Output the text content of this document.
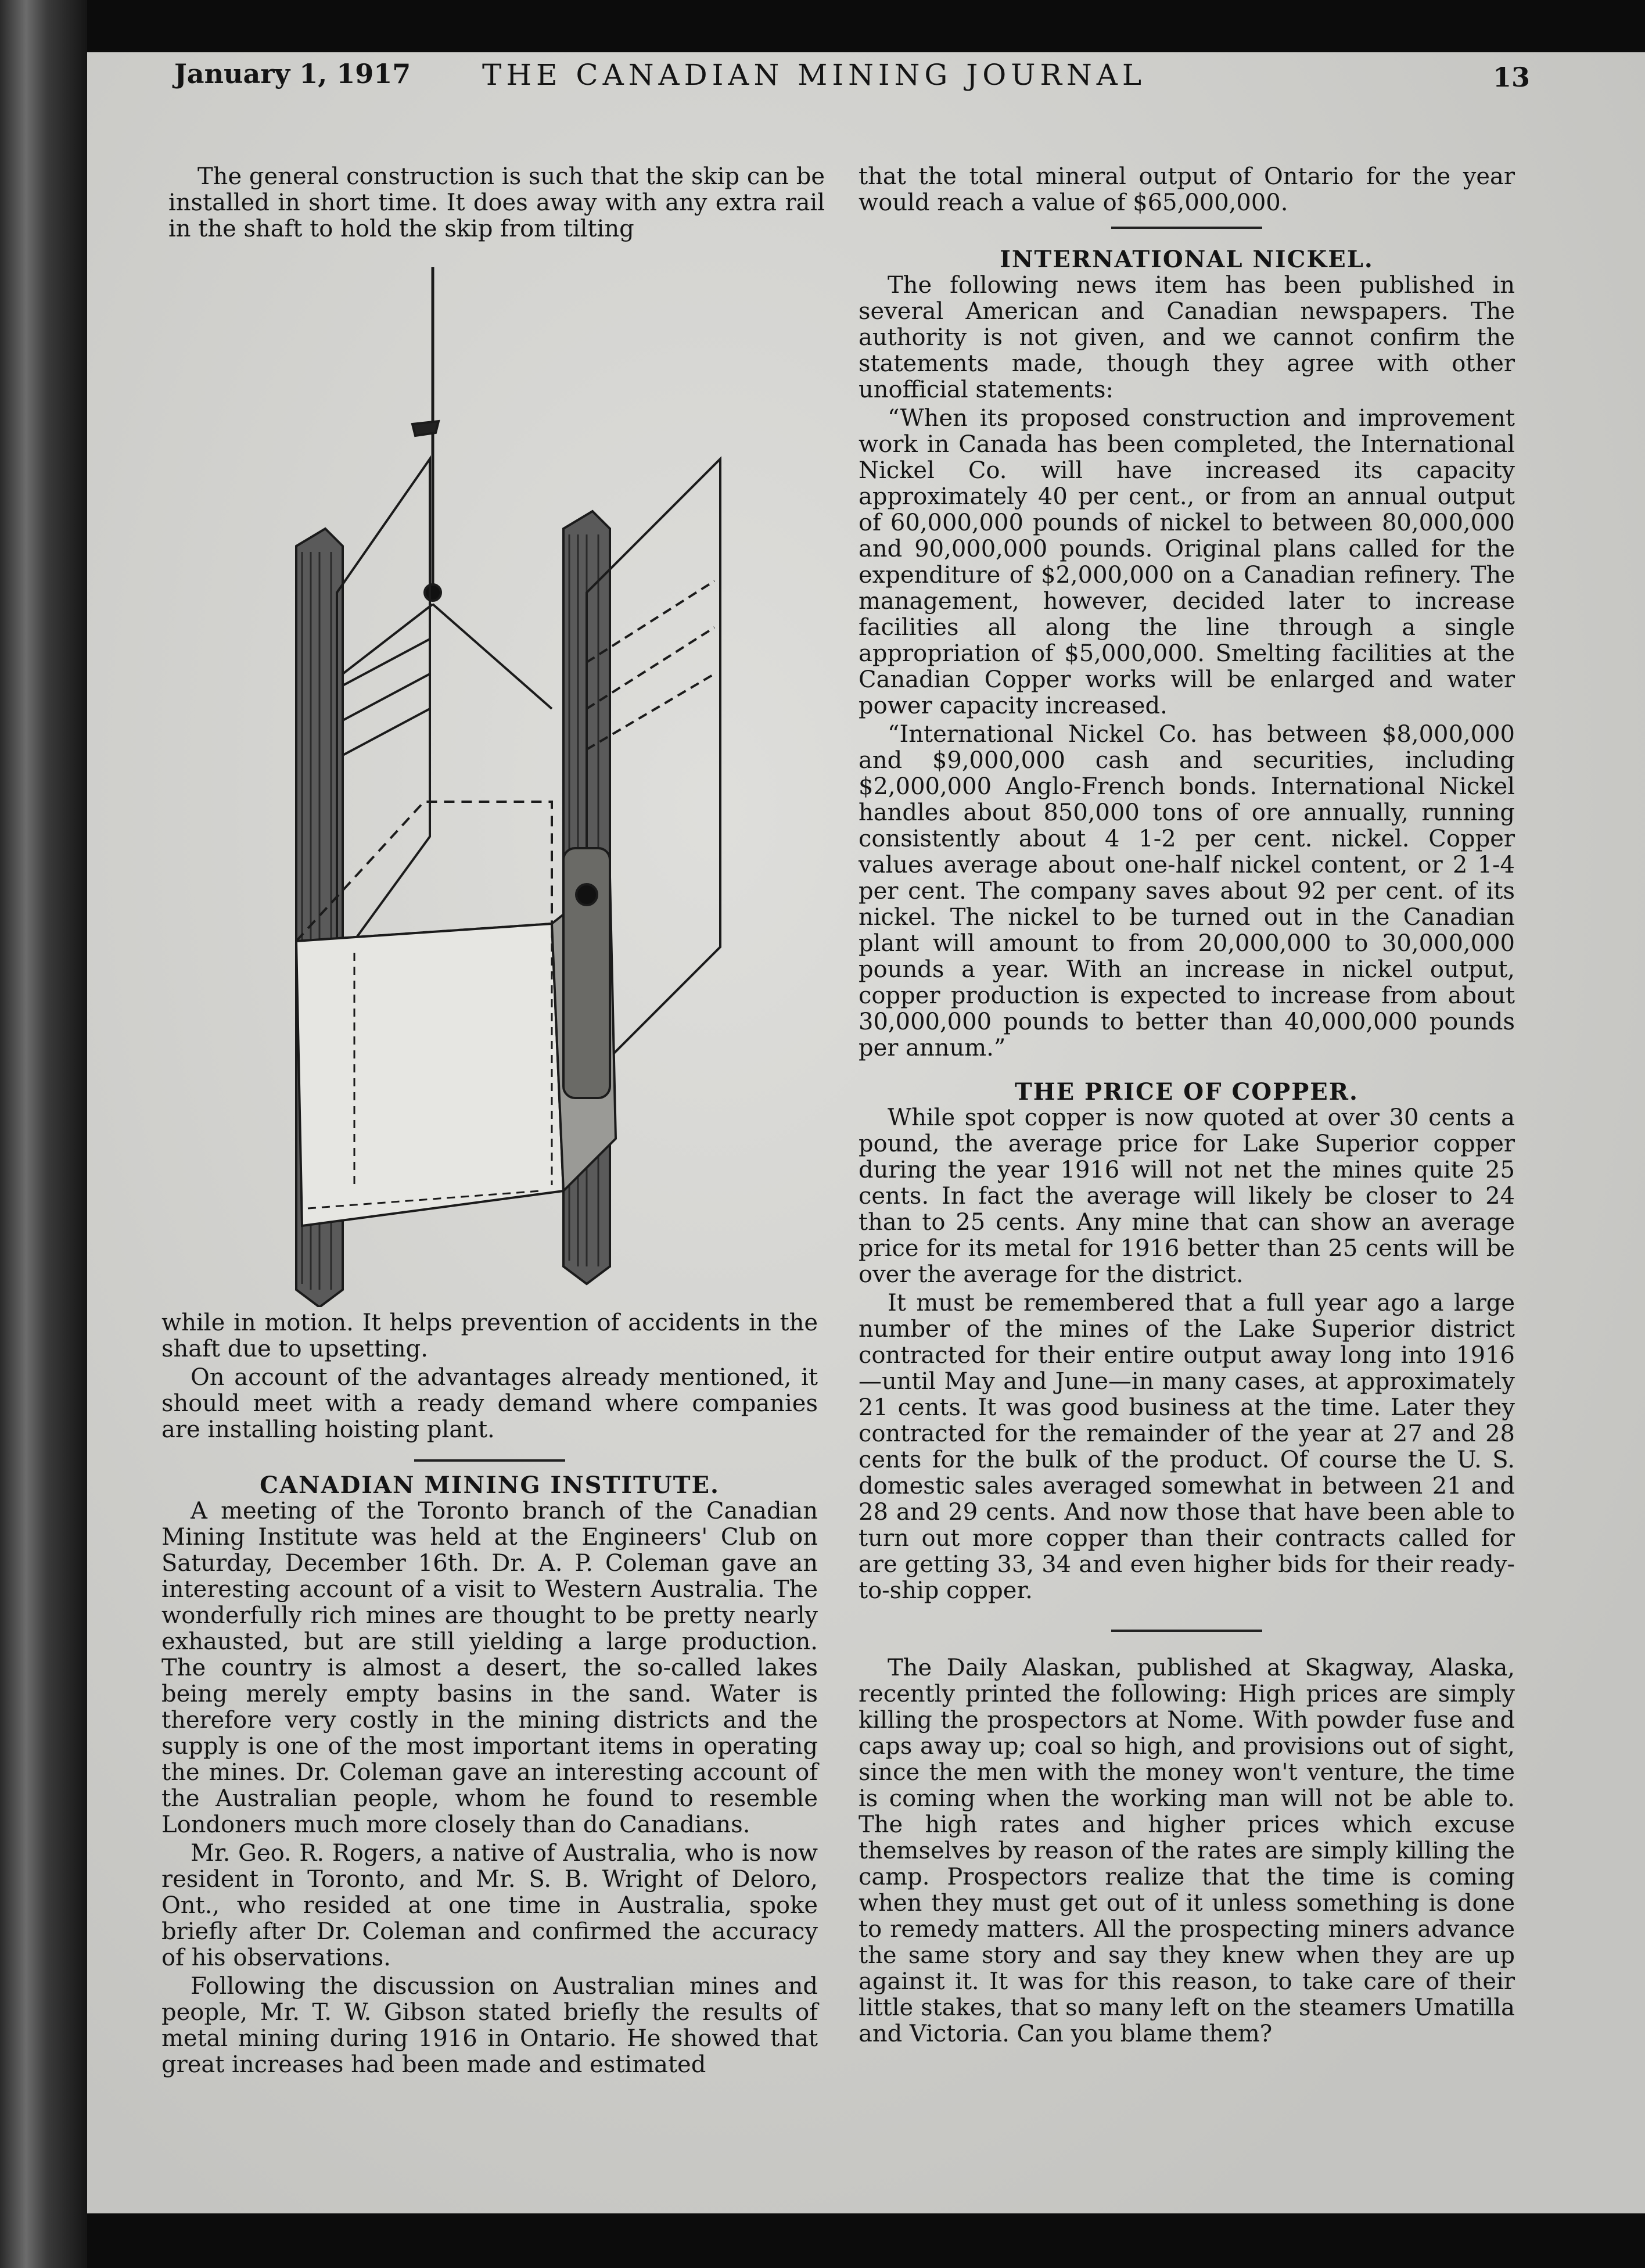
January 1, 1917 THE CANADIAN MINING JOURNAL	13

The general construction is such that the skip can be installed in short time. It does away with any extra rail in the shaft to hold the skip from tilting

while in motion. It helps prevention of accidents in the shaft due to upsetting.

On account of the advantages already mentioned, it should meet with a ready demand where companies are installing hoisting plant.

CANADIAN MINING INSTITUTE.

A meeting of the Toronto branch of the Canadian Mining Institute was held at the Engineers' Club on Saturday, December 16th. Dr. A. P. Coleman gave an interesting account of a visit to Western Australia. The wonderfully rich mines are thought to be pretty nearly exhausted, but are still yielding a large production. The country is almost a desert, the so-called lakes being merely empty basins in the sand. Water is therefore very costly in the mining districts and the supply is one of the most important items in operating the mines. Dr. Coleman gave an interesting account of the Australian people, whom he found to resemble Londoners much more closely than do Canadians.

Mr. Geo. R. Rogers, a native of Australia, who is now resident in Toronto, and Mr. S. B. Wright of Deloro, Ont., who resided at one time in Australia, spoke briefly after Dr. Coleman and confirmed the accuracy of his observations.

Following the discussion on Australian mines and people, Mr. T. W. Gibson stated briefly the results of metal mining during 1916 in Ontario. He showed that great increases had been made and estimated

that the total mineral output of Ontario for the year would reach a value of $65,000,000.

INTERNATIONAL NICKEL.

The following news item has been published in several American and Canadian newspapers. The authority is not given, and we cannot confirm the statements made, though they agree with other unofficial statements:

“When its proposed construction and improvement work in Canada has been completed, the International Nickel Co. will have increased its capacity approximately 40 per cent., or from an annual output of 60,000,000 pounds of nickel to between 80,000,000 and 90,000,000 pounds. Original plans called for the expenditure of $2,000,000 on a Canadian refinery. The management, however, decided later to increase facilities all along the line through a single appropriation of $5,000,000. Smelting facilities at the Canadian Copper works will be enlarged and water power capacity increased.

“International Nickel Co. has between $8,000,000 and $9,000,000 cash and securities, including $2,000,000 Anglo-French bonds. International Nickel handles about 850,000 tons of ore annually, running consistently about 4 1-2 per cent. nickel. Copper values average about one-half nickel content, or 2 1-4 per cent. The company saves about 92 per cent. of its nickel. The nickel to be turned out in the Canadian plant will amount to from 20,000,000 to 30,000,000 pounds a year. With an increase in nickel output, copper production is expected to increase from about 30,000,000 pounds to better than 40,000,000 pounds per annum.”

THE PRICE OF COPPER.

While spot copper is now quoted at over 30 cents a pound, the average price for Lake Superior copper during the year 1916 will not net the mines quite 25 cents. In fact the average will likely be closer to 24 than to 25 cents. Any mine that can show an average price for its metal for 1916 better than 25 cents will be over the average for the district.

It must be remembered that a full year ago a large number of the mines of the Lake Superior district contracted for their entire output away long into 1916—until May and June—in many cases, at approximately 21 cents. It was good business at the time. Later they contracted for the remainder of the year at 27 and 28 cents for the bulk of the product. Of course the U. S. domestic sales averaged somewhat in between 21 and 28 and 29 cents. And now those that have been able to turn out more copper than their contracts called for are getting 33, 34 and even higher bids for their ready-to-ship copper.

The Daily Alaskan, published at Skagway, Alaska, recently printed the following: High prices are simply killing the prospectors at Nome. With powder fuse and caps away up; coal so high, and provisions out of sight, since the men with the money won't venture, the time is coming when the working man will not be able to. The high rates and higher prices which excuse themselves by reason of the rates are simply killing the camp. Prospectors realize that the time is coming when they must get out of it unless something is done to remedy matters. All the prospecting miners advance the same story and say they knew when they are up against it. It was for this reason, to take care of their little stakes, that so many left on the steamers Umatilla and Victoria. Can you blame them?
